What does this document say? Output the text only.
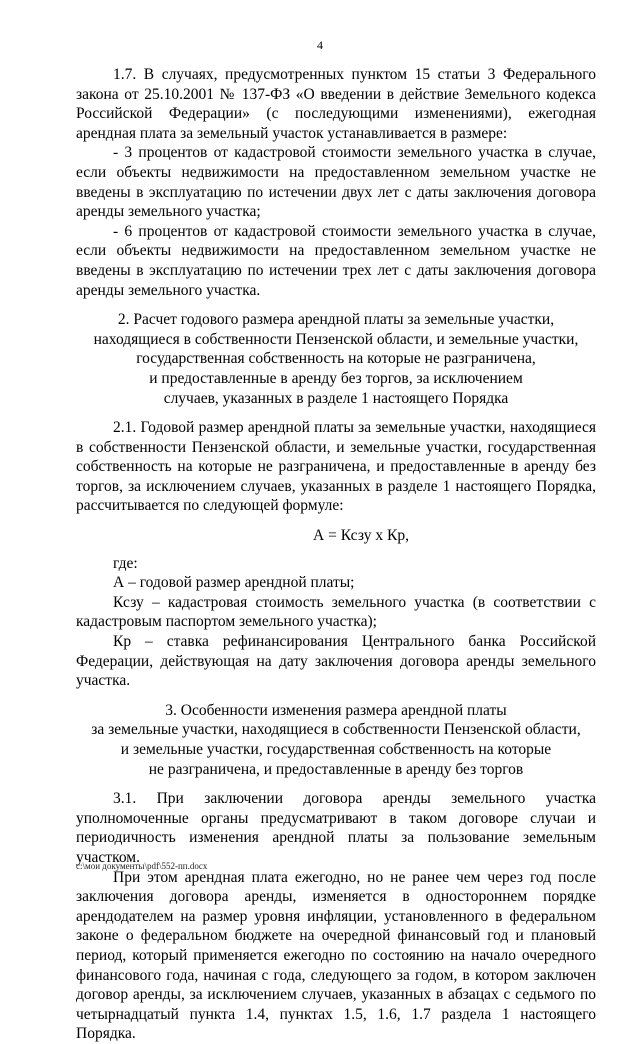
4

1.7. В случаях, предусмотренных пунктом 15 статьи 3 Федерального закона от 25.10.2001 № 137-ФЗ «О введении в действие Земельного кодекса Российской Федерации» (с последующими изменениями), ежегодная арендная плата за земельный участок устанавливается в размере:

- 3 процентов от кадастровой стоимости земельного участка в случае, если объекты недвижимости на предоставленном земельном участке не введены в эксплуатацию по истечении двух лет с даты заключения договора аренды земельного участка;

- 6 процентов от кадастровой стоимости земельного участка в случае, если объекты недвижимости на предоставленном земельном участке не введены в эксплуатацию по истечении трех лет с даты заключения договора аренды земельного участка.

2. Расчет годового размера арендной платы за земельные участки,

находящиеся в собственности Пензенской области, и земельные участки,

государственная собственность на которые не разграничена,

и предоставленные в аренду без торгов, за исключением

случаев, указанных в разделе 1 настоящего Порядка

2.1. Годовой размер арендной платы за земельные участки, находящиеся в собственности Пензенской области, и земельные участки, государственная собственность на которые не разграничена, и предоставленные в аренду без торгов, за исключением случаев, указанных в разделе 1 настоящего Порядка, рассчитывается по следующей формуле:

А = Ксзу х Кр,

где:

А – годовой размер арендной платы;

Ксзу – кадастровая стоимость земельного участка (в соответствии с кадастровым паспортом земельного участка);

Кр – ставка рефинансирования Центрального банка Российской Федерации, действующая на дату заключения договора аренды земельного участка.

3. Особенности изменения размера арендной платы

за земельные участки, находящиеся в собственности Пензенской области,

и земельные участки, государственная собственность на которые

не разграничена, и предоставленные в аренду без торгов

3.1. При заключении договора аренды земельного участка уполномоченные органы предусматривают в таком договоре случаи и периодичность изменения арендной платы за пользование земельным участком.

При этом арендная плата ежегодно, но не ранее чем через год после заключения договора аренды, изменяется в одностороннем порядке арендодателем на размер уровня инфляции, установленного в федеральном законе о федеральном бюджете на очередной финансовый год и плановый период, который применяется ежегодно по состоянию на начало очередного финансового года, начиная с года, следующего за годом, в котором заключен договор аренды, за исключением случаев, указанных в абзацах с седьмого по четырнадцатый пункта 1.4, пунктах 1.5, 1.6, 1.7 раздела 1 настоящего Порядка.

c:\мои документы\pdf\552-пп.docx
